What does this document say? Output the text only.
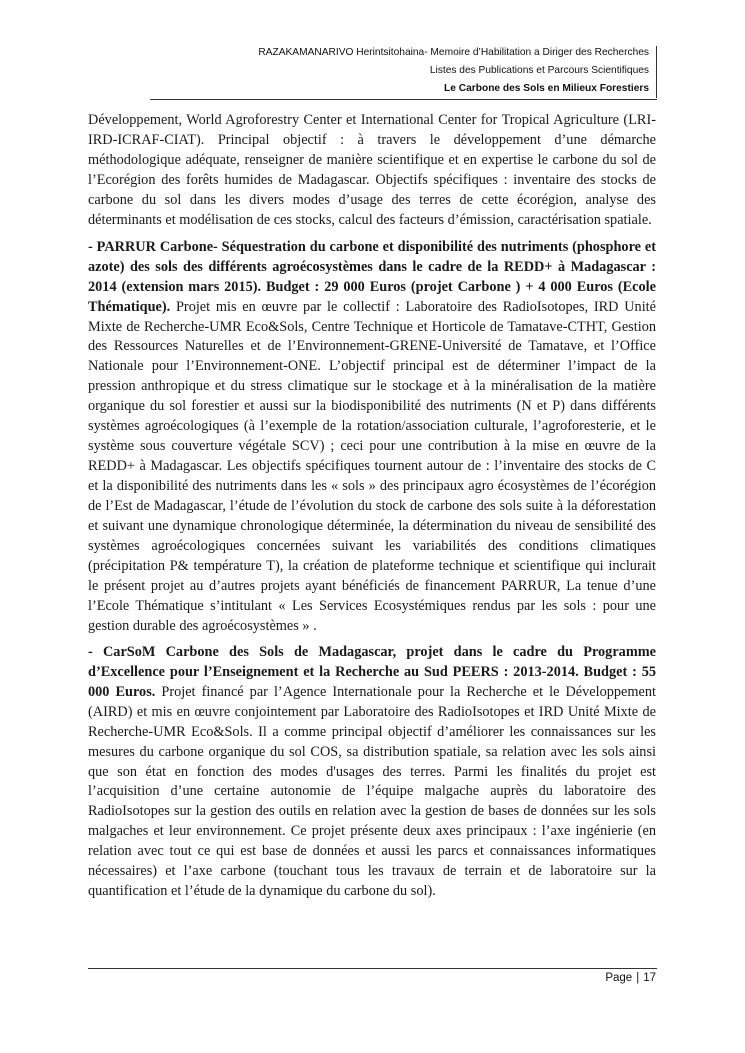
RAZAKAMANARIVO Herintsitohaina- Memoire d’Habilitation a Diriger des Recherches
Listes des Publications et Parcours Scientifiques
Le Carbone des Sols en Milieux Forestiers

Développement, World Agroforestry Center et International Center for Tropical Agriculture (LRI-IRD-ICRAF-CIAT). Principal objectif : à travers le développement d’une démarche méthodologique adéquate, renseigner de manière scientifique et en expertise le carbone du sol de l’Ecorégion des forêts humides de Madagascar. Objectifs spécifiques : inventaire des stocks de carbone du sol dans les divers modes d’usage des terres de cette écorégion, analyse des déterminants et modélisation de ces stocks, calcul des facteurs d’émission, caractérisation spatiale.

- PARRUR Carbone- Séquestration du carbone et disponibilité des nutriments (phosphore et azote) des sols des différents agroécosystèmes dans le cadre de la REDD+ à Madagascar : 2014 (extension mars 2015). Budget : 29 000 Euros (projet Carbone ) + 4 000 Euros (Ecole Thématique). Projet mis en œuvre par le collectif : Laboratoire des RadioIsotopes, IRD Unité Mixte de Recherche-UMR Eco&Sols, Centre Technique et Horticole de Tamatave-CTHT, Gestion des Ressources Naturelles et de l’Environnement-GRENE-Université de Tamatave, et l’Office Nationale pour l’Environnement-ONE. L’objectif principal est de déterminer l’impact de la pression anthropique et du stress climatique sur le stockage et à la minéralisation de la matière organique du sol forestier et aussi sur la biodisponibilité des nutriments (N et P) dans différents systèmes agroécologiques (à l’exemple de la rotation/association culturale, l’agroforesterie, et le système sous couverture végétale SCV) ; ceci pour une contribution à la mise en œuvre de la REDD+ à Madagascar. Les objectifs spécifiques tournent autour de : l’inventaire des stocks de C et la disponibilité des nutriments dans les « sols » des principaux agro écosystèmes de l’écorégion de l’Est de Madagascar, l’étude de l’évolution du stock de carbone des sols suite à la déforestation et suivant une dynamique chronologique déterminée, la détermination du niveau de sensibilité des systèmes agroécologiques concernées suivant les variabilités des conditions climatiques (précipitation P& température T), la création de plateforme technique et scientifique qui inclurait le présent projet au d’autres projets ayant bénéficiés de financement PARRUR, La tenue d’une l’Ecole Thématique s’intitulant « Les Services Ecosystémiques rendus par les sols : pour une gestion durable des agroécosystèmes » .

- CarSoM Carbone des Sols de Madagascar, projet dans le cadre du Programme d’Excellence pour l’Enseignement et la Recherche au Sud PEERS : 2013-2014. Budget : 55 000 Euros. Projet financé par l’Agence Internationale pour la Recherche et le Développement (AIRD) et mis en œuvre conjointement par Laboratoire des RadioIsotopes et IRD Unité Mixte de Recherche-UMR Eco&Sols. Il a comme principal objectif d’améliorer les connaissances sur les mesures du carbone organique du sol COS, sa distribution spatiale, sa relation avec les sols ainsi que son état en fonction des modes d'usages des terres. Parmi les finalités du projet est l’acquisition d’une certaine autonomie de l’équipe malgache auprès du laboratoire des RadioIsotopes sur la gestion des outils en relation avec la gestion de bases de données sur les sols malgaches et leur environnement. Ce projet présente deux axes principaux : l’axe ingénierie (en relation avec tout ce qui est base de données et aussi les parcs et connaissances informatiques nécessaires) et l’axe carbone (touchant tous les travaux de terrain et de laboratoire sur la quantification et l’étude de la dynamique du carbone du sol).

Page | 17
